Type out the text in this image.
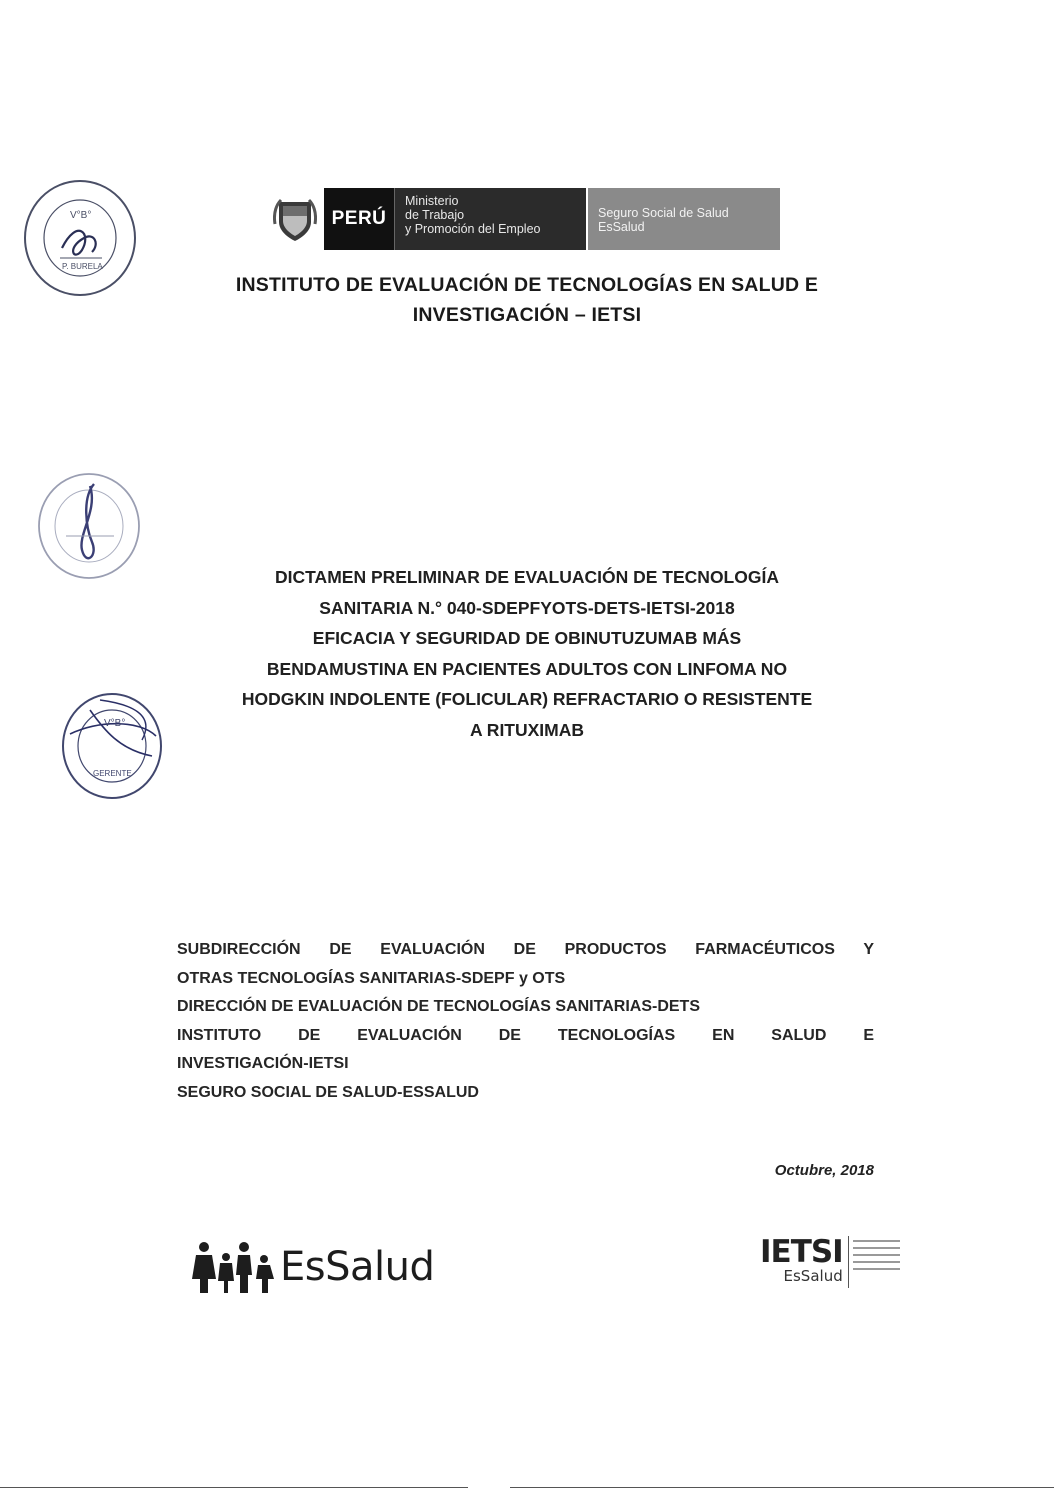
V°B°
P. BURELA
PERÚ
Ministerio
de Trabajo
y Promoción del Empleo
Seguro Social de Salud
EsSalud
INSTITUTO DE EVALUACIÓN DE TECNOLOGÍAS EN SALUD E
INVESTIGACIÓN – IETSI
V°B°
GERENTE
DICTAMEN PRELIMINAR DE EVALUACIÓN DE TECNOLOGÍA
SANITARIA N.° 040-SDEPFYOTS-DETS-IETSI-2018
EFICACIA Y SEGURIDAD DE OBINUTUZUMAB MÁS
BENDAMUSTINA EN PACIENTES ADULTOS CON LINFOMA NO
HODGKIN INDOLENTE (FOLICULAR) REFRACTARIO O RESISTENTE
A RITUXIMAB
SUBDIRECCIÓN DE EVALUACIÓN DE PRODUCTOS FARMACÉUTICOS Y
OTRAS TECNOLOGÍAS SANITARIAS-SDEPF y OTS
DIRECCIÓN DE EVALUACIÓN DE TECNOLOGÍAS SANITARIAS-DETS
INSTITUTO DE EVALUACIÓN DE TECNOLOGÍAS EN SALUD E
INVESTIGACIÓN-IETSI
SEGURO SOCIAL DE SALUD-ESSALUD
Octubre, 2018
EsSalud	IETSI
EsSalud
